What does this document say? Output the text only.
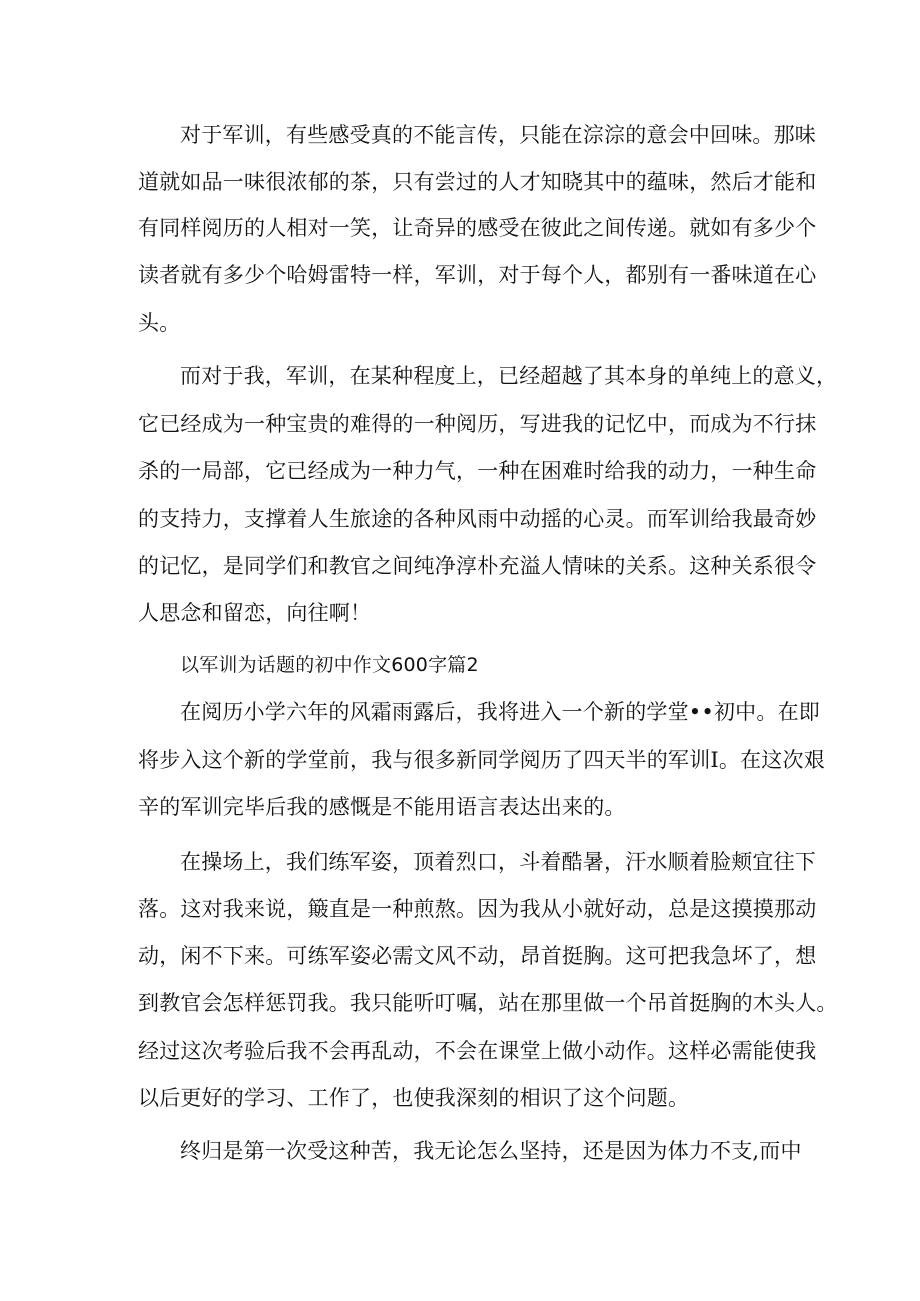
对于军训，有些感受真的不能言传，只能在淙淙的意会中回味。那味
道就如品一味很浓郁的茶，只有尝过的人才知晓其中的蕴味，然后才能和
有同样阅历的人相对一笑，让奇异的感受在彼此之间传递。就如有多少个
读者就有多少个哈姆雷特一样，军训，对于每个人，都别有一番味道在心
头。
而对于我，军训，在某种程度上，已经超越了其本身的单纯上的意义，
它已经成为一种宝贵的难得的一种阅历，写进我的记忆中，而成为不行抹
杀的一局部，它已经成为一种力气，一种在困难时给我的动力，一种生命
的支持力，支撑着人生旅途的各种风雨中动摇的心灵。而军训给我最奇妙
的记忆，是同学们和教官之间纯净淳朴充溢人情味的关系。这种关系很令
人思念和留恋，向往啊！
以军训为话题的初中作文600字篇2
在阅历小学六年的风霜雨露后，我将进入一个新的学堂••初中。在即
将步入这个新的学堂前，我与很多新同学阅历了四天半的军训I。在这次艰
辛的军训完毕后我的感慨是不能用语言表达出来的。
在操场上，我们练军姿，顶着烈口，斗着酷暑，汗水顺着脸颊宜往下
落。这对我来说，簸直是一种煎熬。因为我从小就好动，总是这摸摸那动
动，闲不下来。可练军姿必需文风不动，昂首挺胸。这可把我急坏了，想
到教官会怎样惩罚我。我只能听叮嘱，站在那里做一个吊首挺胸的木头人。
经过这次考验后我不会再乱动，不会在课堂上做小动作。这样必需能使我
以后更好的学习、工作了，也使我深刻的相识了这个问题。
终归是第一次受这种苦，我无论怎么坚持，还是因为体力不支,而中
